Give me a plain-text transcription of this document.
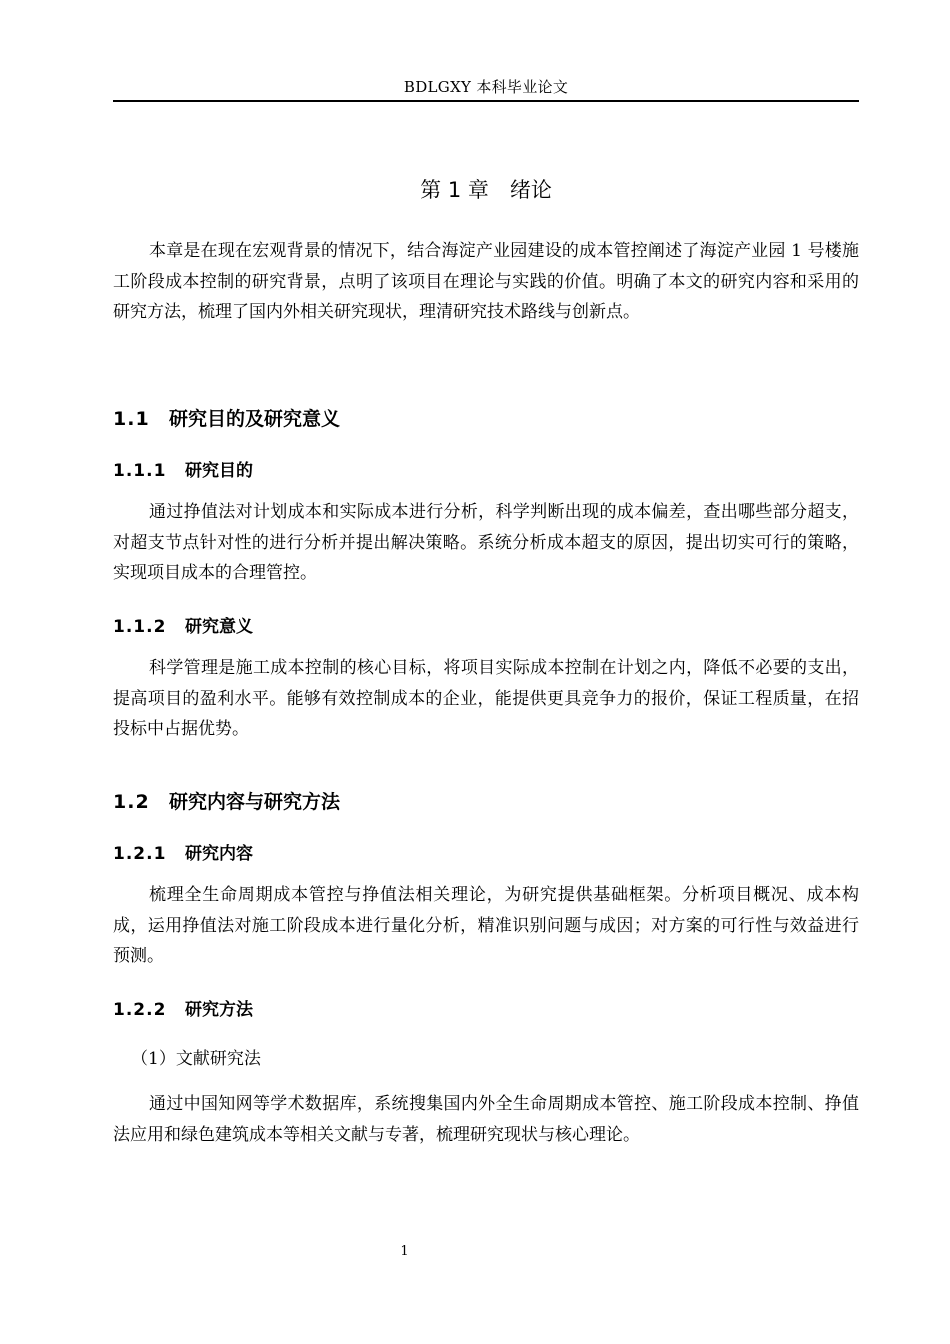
BDLGXY 本科毕业论文
第 1 章　绪论

本章是在现在宏观背景的情况下，结合海淀产业园建设的成本管控阐述了海淀产业园 1 号楼施工阶段成本控制的研究背景，点明了该项目在理论与实践的价值。明确了本文的研究内容和采用的研究方法，梳理了国内外相关研究现状，理清研究技术路线与创新点。

1.1 研究目的及研究意义
1.1.1 研究目的

通过挣值法对计划成本和实际成本进行分析，科学判断出现的成本偏差，查出哪些部分超支，对超支节点针对性的进行分析并提出解决策略。系统分析成本超支的原因，提出切实可行的策略，实现项目成本的合理管控。

1.1.2 研究意义

科学管理是施工成本控制的核心目标，将项目实际成本控制在计划之内，降低不必要的支出，提高项目的盈利水平。能够有效控制成本的企业，能提供更具竞争力的报价，保证工程质量，在招投标中占据优势。

1.2 研究内容与研究方法
1.2.1 研究内容

梳理全生命周期成本管控与挣值法相关理论，为研究提供基础框架。分析项目概况、成本构成，运用挣值法对施工阶段成本进行量化分析，精准识别问题与成因；对方案的可行性与效益进行预测。

1.2.2 研究方法

（1）文献研究法

通过中国知网等学术数据库，系统搜集国内外全生命周期成本管控、施工阶段成本控制、挣值法应用和绿色建筑成本等相关文献与专著，梳理研究现状与核心理论。

1
